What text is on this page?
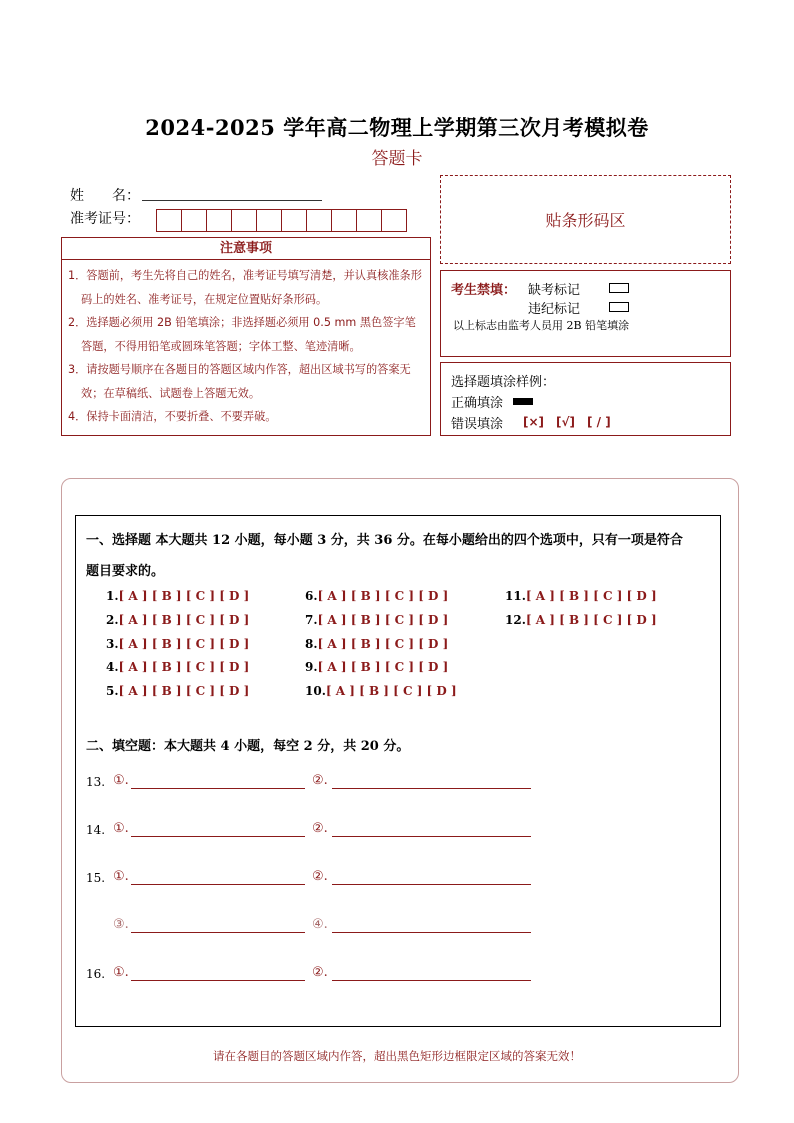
2024-2025 学年高二物理上学期第三次月考模拟卷
答题卡
姓　　名：
准考证号：	贴条形码区
注意事项

1．答题前，考生先将自己的姓名，准考证号填写清楚，并认真核准条形码上的姓名、准考证号，在规定位置贴好条形码。

2．选择题必须用 2B 铅笔填涂；非选择题必须用 0.5 mm 黑色签字笔答题，不得用铅笔或圆珠笔答题；字体工整、笔迹清晰。

3．请按题号顺序在各题目的答题区域内作答，超出区域书写的答案无效；在草稿纸、试题卷上答题无效。

4．保持卡面清洁，不要折叠、不要弄破。

考生禁填： 缺考标记
违纪标记
以上标志由监考人员用 2B 铅笔填涂
选择题填涂样例：
正确填涂
错误填涂 [×]　[√]　[ / ]
一、选择题 本大题共 12 小题，每小题 3 分，共 36 分。在每小题给出的四个选项中，只有一项是符合
题目要求的。
1.[ A ] [ B ] [ C ] [ D ]
2.[ A ] [ B ] [ C ] [ D ]
3.[ A ] [ B ] [ C ] [ D ]
4.[ A ] [ B ] [ C ] [ D ]
5.[ A ] [ B ] [ C ] [ D ]
6.[ A ] [ B ] [ C ] [ D ]
7.[ A ] [ B ] [ C ] [ D ]
8.[ A ] [ B ] [ C ] [ D ]
9.[ A ] [ B ] [ C ] [ D ]
10.[ A ] [ B ] [ C ] [ D ]
11.[ A ] [ B ] [ C ] [ D ]
12.[ A ] [ B ] [ C ] [ D ]
二、填空题：本大题共 4 小题，每空 2 分，共 20 分。
13. ①.	②.
14. ①.	②.
15. ①.	②.
③.	④.
16. ①.	②.
请在各题目的答题区域内作答，超出黑色矩形边框限定区域的答案无效！
